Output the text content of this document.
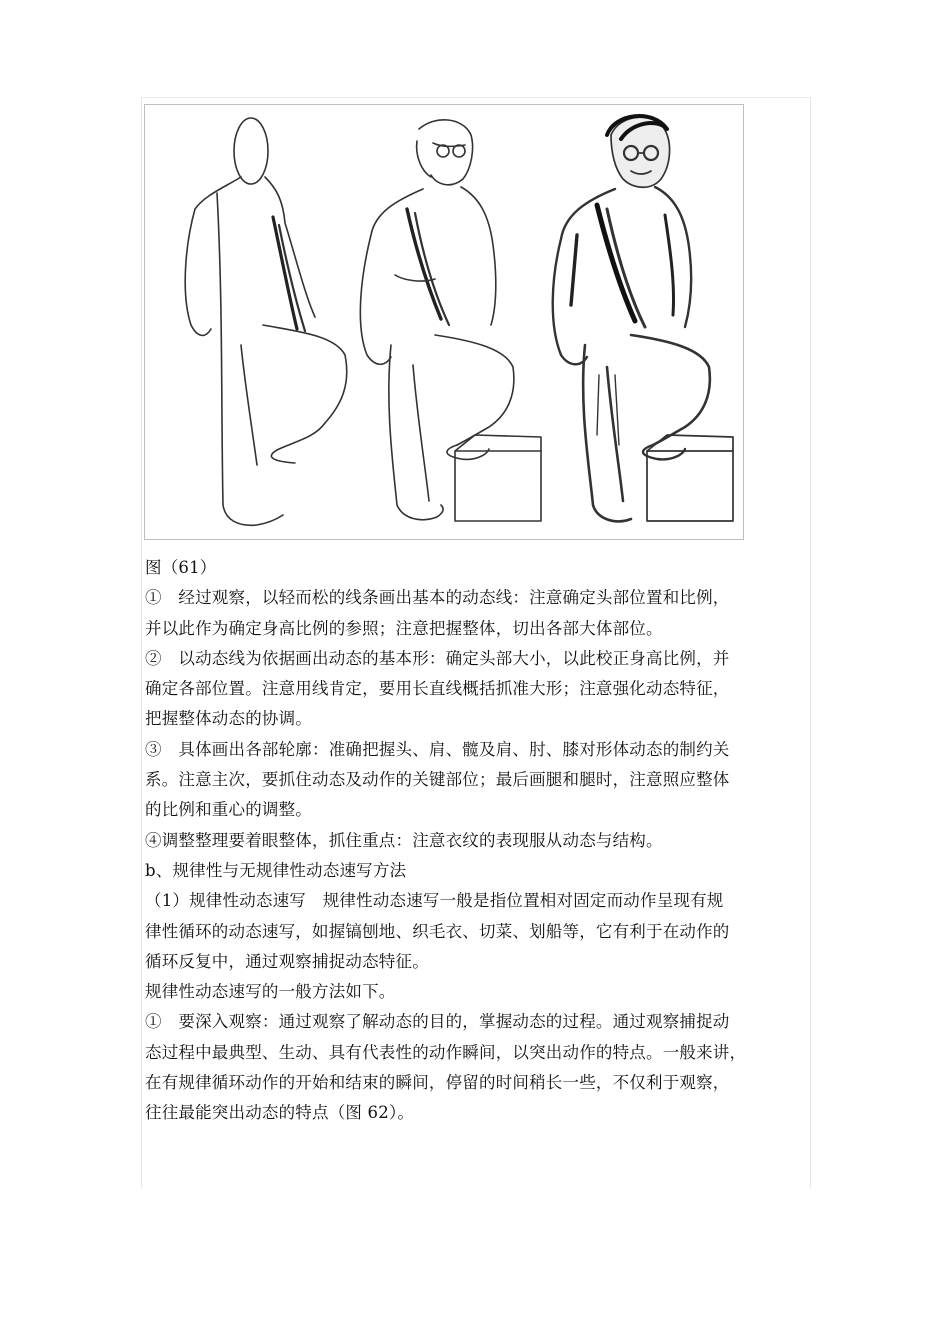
图（61）

①　经过观察，以轻而松的线条画出基本的动态线：注意确定头部位置和比例，
并以此作为确定身高比例的参照；注意把握整体，切出各部大体部位。
②　以动态线为依据画出动态的基本形：确定头部大小，以此校正身高比例，并
确定各部位置。注意用线肯定，要用长直线概括抓准大形；注意强化动态特征，
把握整体动态的协调。
③　具体画出各部轮廓：准确把握头、肩、髋及肩、肘、膝对形体动态的制约关
系。注意主次，要抓住动态及动作的关键部位；最后画腿和腿时，注意照应整体
的比例和重心的调整。
④调整整理要着眼整体，抓住重点：注意衣纹的表现服从动态与结构。
b、规律性与无规律性动态速写方法
（1）规律性动态速写　规律性动态速写一般是指位置相对固定而动作呈现有规
律性循环的动态速写，如握镐刨地、织毛衣、切菜、划船等，它有利于在动作的
循环反复中，通过观察捕捉动态特征。
规律性动态速写的一般方法如下。
①　要深入观察：通过观察了解动态的目的，掌握动态的过程。通过观察捕捉动
态过程中最典型、生动、具有代表性的动作瞬间，以突出动作的特点。一般来讲，
在有规律循环动作的开始和结束的瞬间，停留的时间稍长一些，不仅利于观察，
往往最能突出动态的特点（图 62）。
